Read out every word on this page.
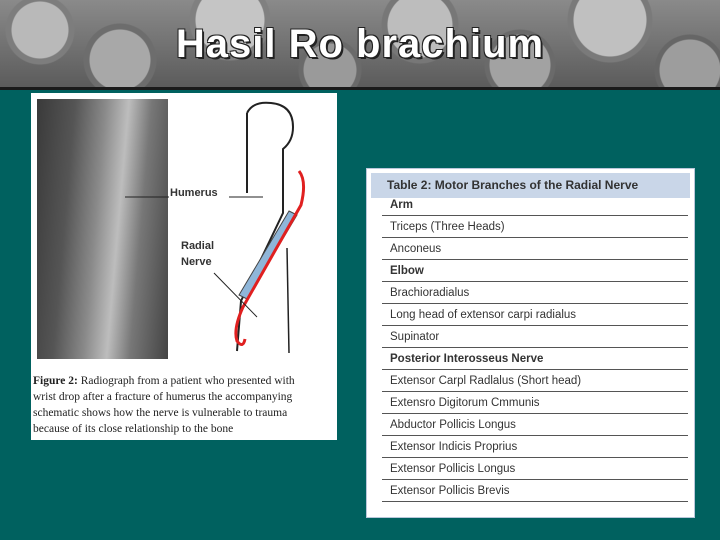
Hasil Ro brachium
Humerus
Radial
Nerve
Figure 2: Radiograph from a patient who presented with
wrist drop after a fracture of humerus the accompanying
schematic shows how the nerve is vulnerable to trauma
because of its close relationship to the bone
Table 2: Motor Branches of the Radial Nerve
Arm
Triceps (Three Heads)
Anconeus
Elbow
Brachioradialus
Long head of extensor carpi radialus
Supinator
Posterior Interosseus Nerve
Extensor Carpl Radlalus (Short head)
Extensro Digitorum Cmmunis
Abductor Pollicis Longus
Extensor Indicis Proprius
Extensor Pollicis Longus
Extensor Pollicis Brevis
